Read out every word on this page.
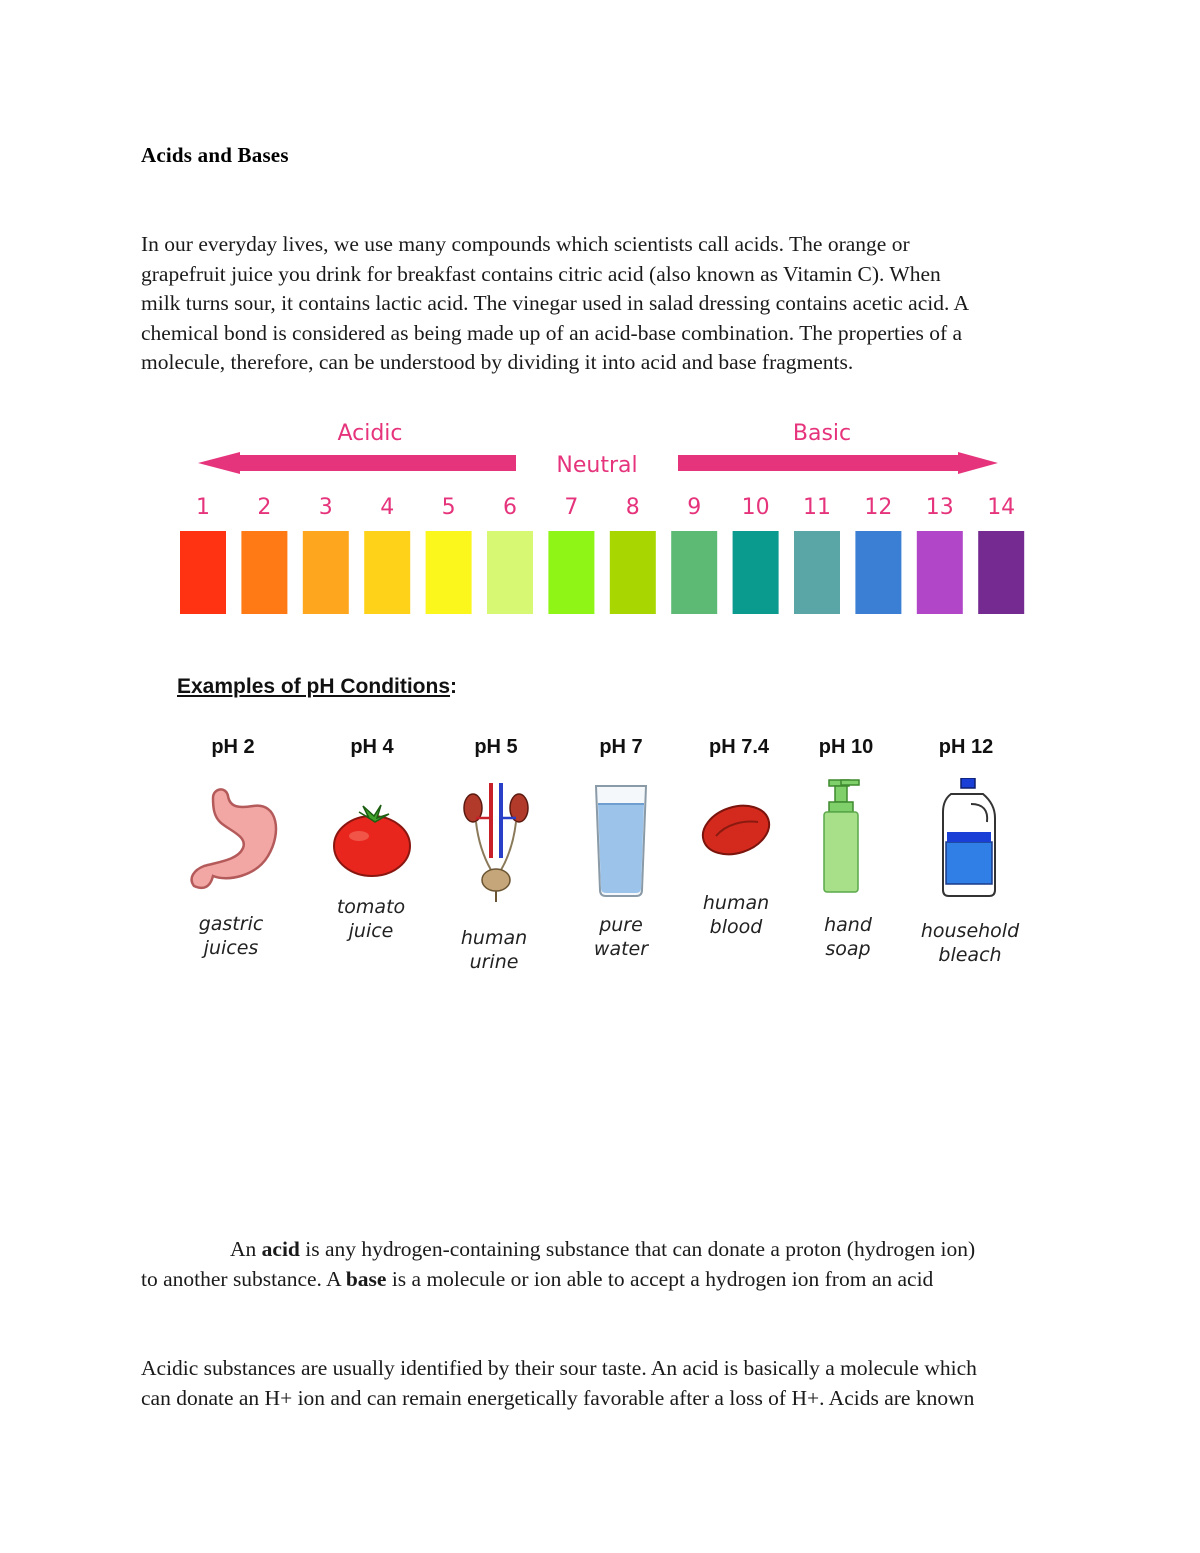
Acids and Bases

In our everyday lives, we use many compounds which scientists call acids. The orange or

grapefruit juice you drink for breakfast contains citric acid (also known as Vitamin C). When

milk turns sour, it contains lactic acid. The vinegar used in salad dressing contains acetic acid. A

chemical bond is considered as being made up of an acid-base combination. The properties of a

molecule, therefore, can be understood by dividing it into acid and base fragments.

Acidic
Neutral
Basic
1 2 3 4 5 6 7 8 9 10 11 12 13 14
Examples of pH Conditions:
pH 2
gastric
juices
pH 4
tomato
juice
pH 5
human
urine
pH 7
pure
water
pH 7.4
human
blood
pH 10
hand
soap
pH 12
household
bleach

An acid is any hydrogen-containing substance that can donate a proton (hydrogen ion)

to another substance. A base is a molecule or ion able to accept a hydrogen ion from an acid

Acidic substances are usually identified by their sour taste. An acid is basically a molecule which

can donate an H+ ion and can remain energetically favorable after a loss of H+. Acids are known
